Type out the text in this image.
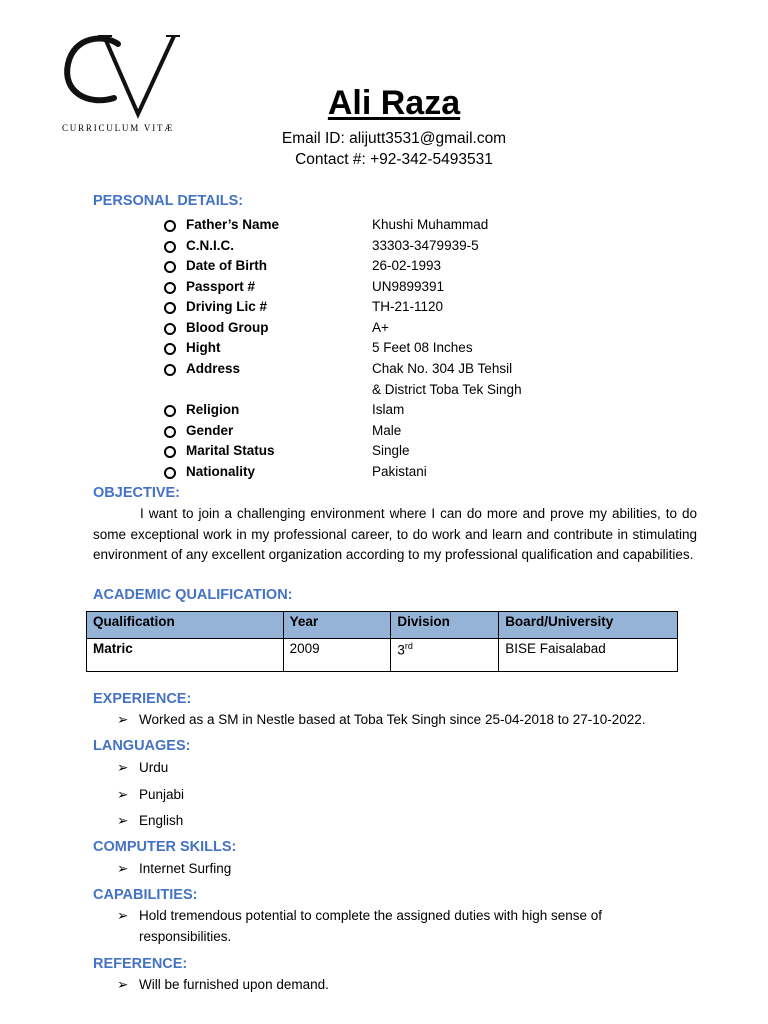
CURRICULUM VITÆ
Ali Raza
Email ID: alijutt3531@gmail.com
Contact #: +92-342-5493531
PERSONAL DETAILS:
Father’s Name	Khushi Muhammad
C.N.I.C.	33303-3479939-5
Date of Birth	26-02-1993
Passport #	UN9899391
Driving Lic #	TH-21-1120
Blood Group	A+
Hight	5 Feet 08 Inches
Address	Chak No. 304 JB Tehsil
& District Toba Tek Singh
Religion	Islam
Gender	Male
Marital Status	Single
Nationality	Pakistani
OBJECTIVE:
I want to join a challenging environment where I can do more and prove my abilities, to do some exceptional work in my professional career, to do work and learn and contribute in stimulating environment of any excellent organization according to my professional qualification and capabilities.
ACADEMIC QUALIFICATION:
Qualification	Year	Division	Board/University
Matric	2009	3rd	BISE Faisalabad
EXPERIENCE:
➢ Worked as a SM in Nestle based at Toba Tek Singh since 25-04-2018 to 27-10-2022.
LANGUAGES:
➢ Urdu
➢ Punjabi
➢ English
COMPUTER SKILLS:
➢ Internet Surfing
CAPABILITIES:
➢ Hold tremendous potential to complete the assigned duties with high sense of responsibilities.
REFERENCE:
➢ Will be furnished upon demand.
